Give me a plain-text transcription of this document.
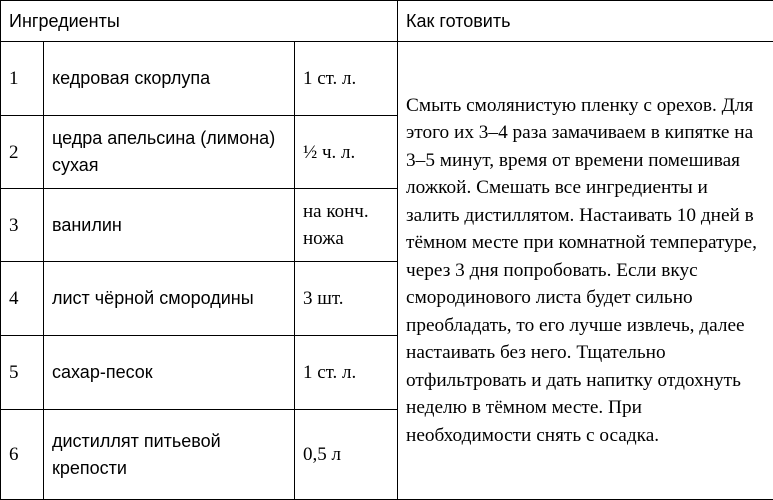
Ингредиенты			Как готовить
1	кедровая скорлупа	1 ст. л.	Смыть смолянистую пленку с орехов. Для этого их 3–4 раза замачиваем в кипятке на 3–5 минут, время от времени помешивая ложкой. Смешать все ингредиенты и залить дистиллятом. Настаивать 10 дней в тёмном месте при комнатной температуре, через 3 дня попробовать. Если вкус смородинового листа будет сильно преобладать, то его лучше извлечь, далее настаивать без него. Тщательно отфильтровать и дать напитку отдохнуть неделю в тёмном месте. При необходимости снять с осадка.
2	цедра апельсина (лимона) сухая	½ ч. л.	
3	ванилин	на конч. ножа	
4	лист чёрной смородины	3 шт.	
5	сахар-песок	1 ст. л.	
6	дистиллят питьевой крепости	0,5 л	
